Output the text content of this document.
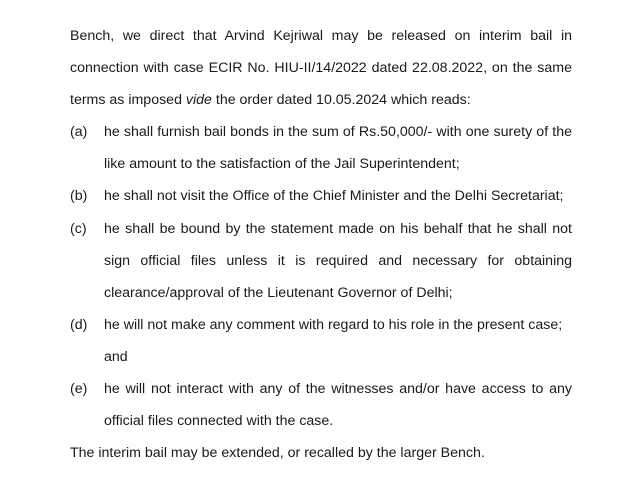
Bench, we direct that Arvind Kejriwal may be released on interim bail in
connection with case ECIR No. HIU-II/14/2022 dated 22.08.2022, on the same
terms as imposed vide the order dated 10.05.2024 which reads:
(a) he shall furnish bail bonds in the sum of Rs.50,000/- with one surety of the
like amount to the satisfaction of the Jail Superintendent;
(b) he shall not visit the Office of the Chief Minister and the Delhi Secretariat;
(c) he shall be bound by the statement made on his behalf that he shall not
sign official files unless it is required and necessary for obtaining
clearance/approval of the Lieutenant Governor of Delhi;
(d) he will not make any comment with regard to his role in the present case;
and
(e) he will not interact with any of the witnesses and/or have access to any
official files connected with the case.
The interim bail may be extended, or recalled by the larger Bench.
